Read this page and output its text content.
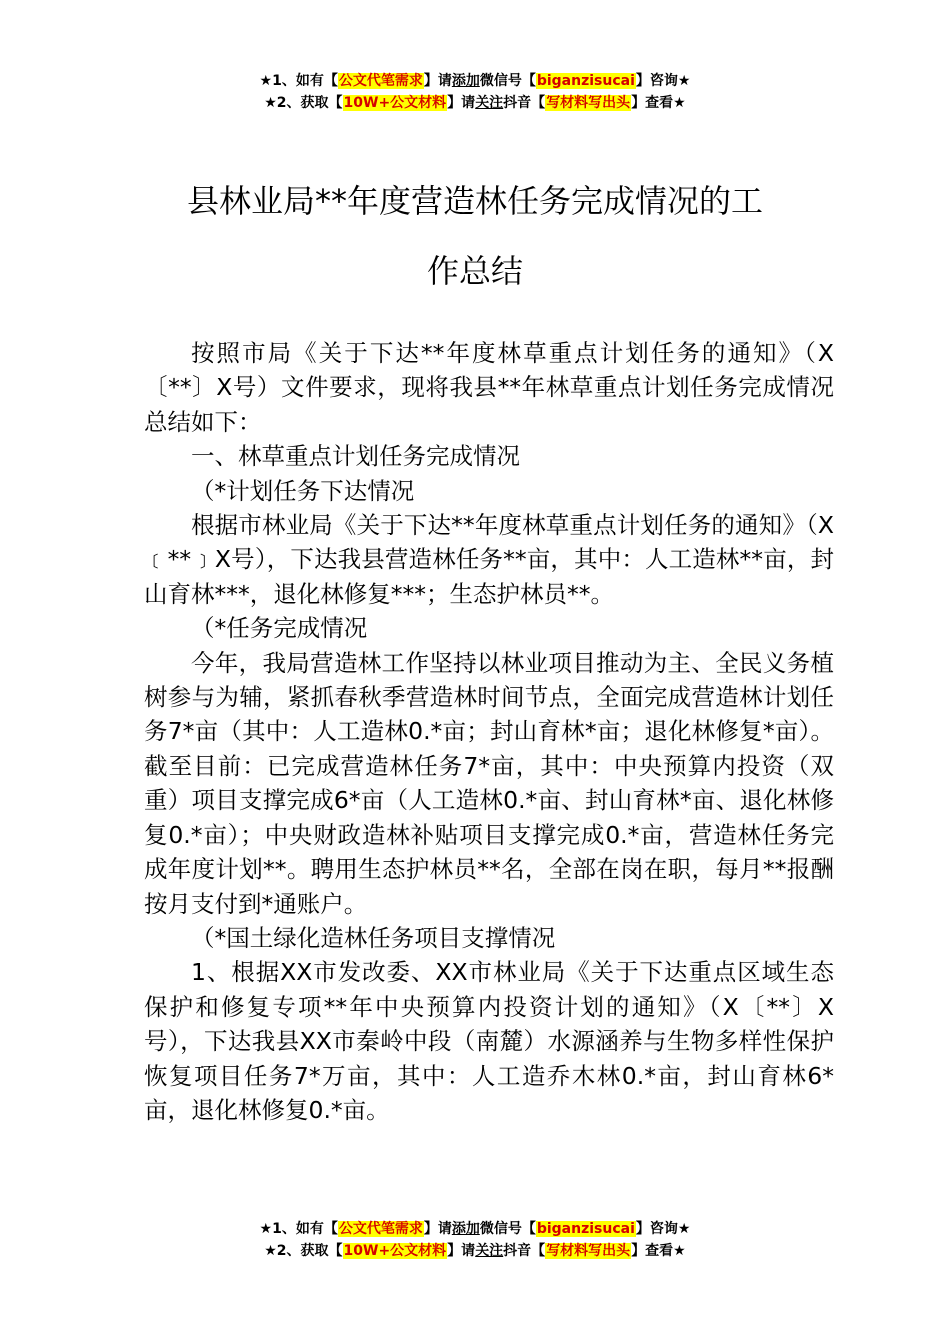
★1、如有【公文代笔需求】请添加微信号【biganzisucai】咨询★
★2、获取【10W+公文材料】请关注抖音【写材料写出头】查看★
县林业局**年度营造林任务完成情况的工
作总结

按照市局《关于下达**年度林草重点计划任务的通知》（X〔**〕X号）文件要求，现将我县**年林草重点计划任务完成情况总结如下：

一、林草重点计划任务完成情况

（*计划任务下达情况

根据市林业局《关于下达**年度林草重点计划任务的通知》（X﹝**﹞X号），下达我县营造林任务**亩，其中：人工造林**亩，封山育林***，退化林修复***；生态护林员**。

（*任务完成情况

今年，我局营造林工作坚持以林业项目推动为主、全民义务植树参与为辅，紧抓春秋季营造林时间节点，全面完成营造林计划任务7*亩（其中：人工造林0.*亩；封山育林*亩；退化林修复*亩）。截至目前：已完成营造林任务7*亩，其中：中央预算内投资（双重）项目支撑完成6*亩（人工造林0.*亩、封山育林*亩、退化林修复0.*亩）；中央财政造林补贴项目支撑完成0.*亩，营造林任务完成年度计划**。聘用生态护林员**名，全部在岗在职，每月**报酬按月支付到*通账户。

（*国土绿化造林任务项目支撑情况

1、根据XX市发改委、XX市林业局《关于下达重点区域生态保护和修复专项**年中央预算内投资计划的通知》（X〔**〕X号），下达我县XX市秦岭中段（南麓）水源涵养与生物多样性保护恢复项目任务7*万亩，其中：人工造乔木林0.*亩，封山育林6*亩，退化林修复0.*亩。

★1、如有【公文代笔需求】请添加微信号【biganzisucai】咨询★
★2、获取【10W+公文材料】请关注抖音【写材料写出头】查看★
